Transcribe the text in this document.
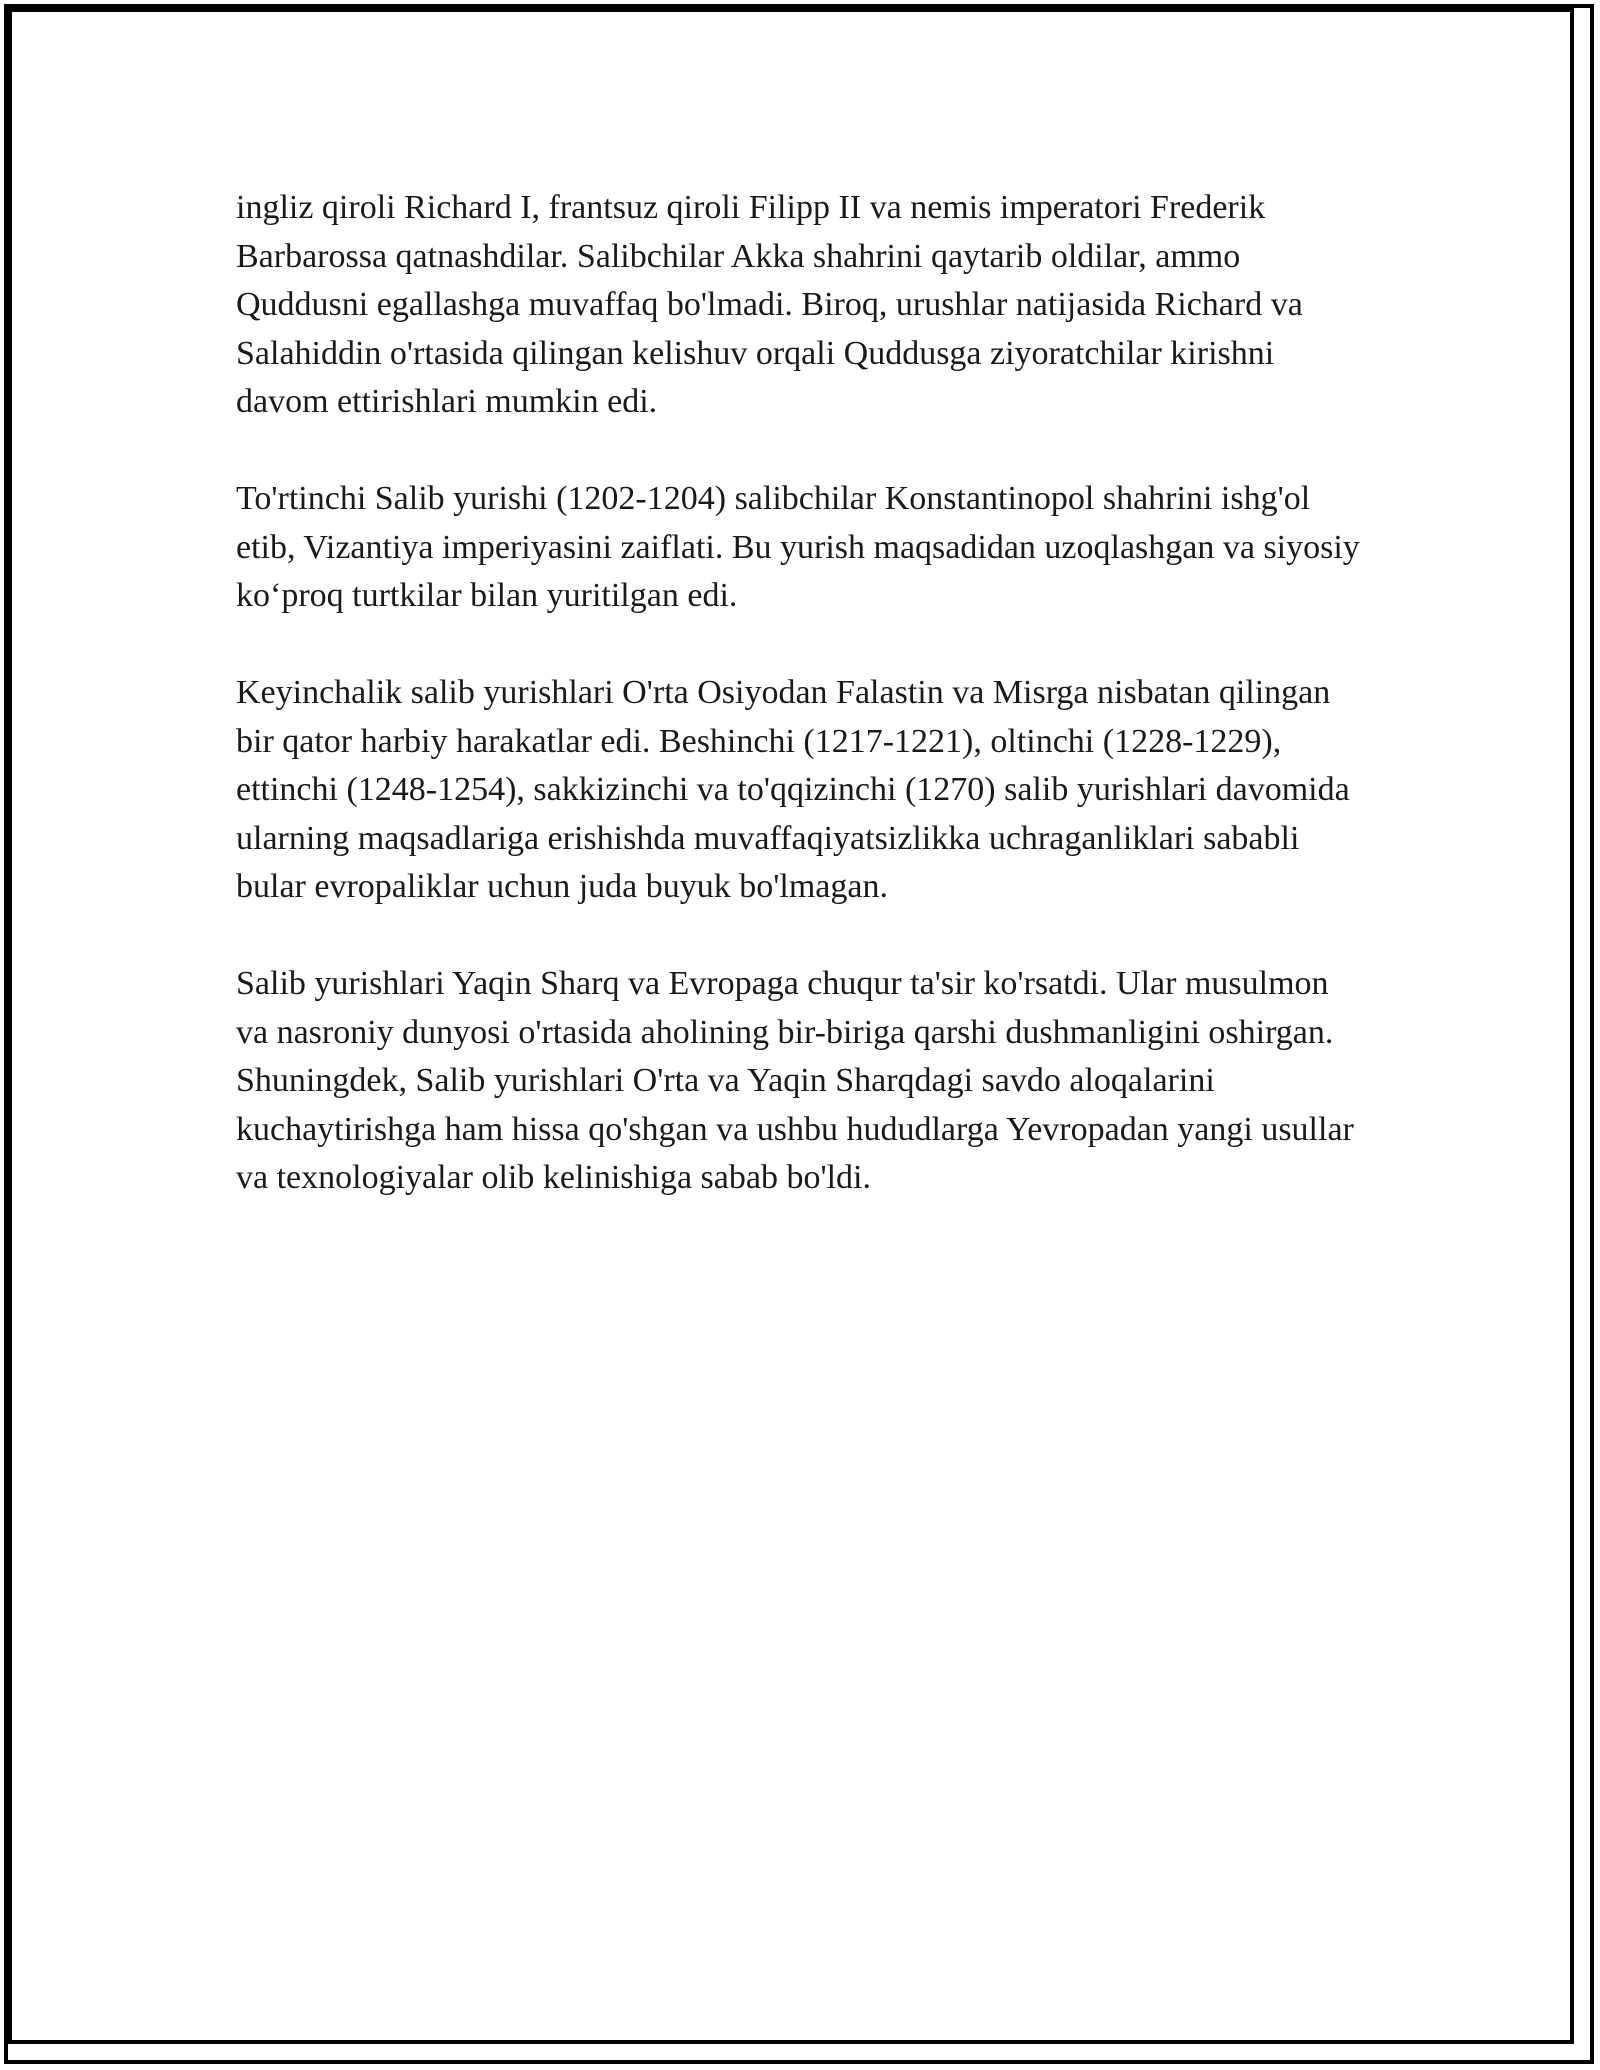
ingliz qiroli Richard I, frantsuz qiroli Filipp II va nemis imperatori Frederik Barbarossa qatnashdilar. Salibchilar Akka shahrini qaytarib oldilar, ammo Quddusni egallashga muvaffaq bo'lmadi. Biroq, urushlar natijasida Richard va Salahiddin o'rtasida qilingan kelishuv orqali Quddusga ziyoratchilar kirishni davom ettirishlari mumkin edi.

To'rtinchi Salib yurishi (1202-1204) salibchilar Konstantinopol shahrini ishg'ol etib, Vizantiya imperiyasini zaiflati. Bu yurish maqsadidan uzoqlashgan va siyosiy ko‘proq turtkilar bilan yuritilgan edi.

Keyinchalik salib yurishlari O'rta Osiyodan Falastin va Misrga nisbatan qilingan bir qator harbiy harakatlar edi. Beshinchi (1217-1221), oltinchi (1228-1229), ettinchi (1248-1254), sakkizinchi va to'qqizinchi (1270) salib yurishlari davomida ularning maqsadlariga erishishda muvaffaqiyatsizlikka uchraganliklari sababli bular evropaliklar uchun juda buyuk bo'lmagan.

Salib yurishlari Yaqin Sharq va Evropaga chuqur ta'sir ko'rsatdi. Ular musulmon va nasroniy dunyosi o'rtasida aholining bir-biriga qarshi dushmanligini oshirgan. Shuningdek, Salib yurishlari O'rta va Yaqin Sharqdagi savdo aloqalarini kuchaytirishga ham hissa qo'shgan va ushbu hududlarga Yevropadan yangi usullar va texnologiyalar olib kelinishiga sabab bo'ldi.
